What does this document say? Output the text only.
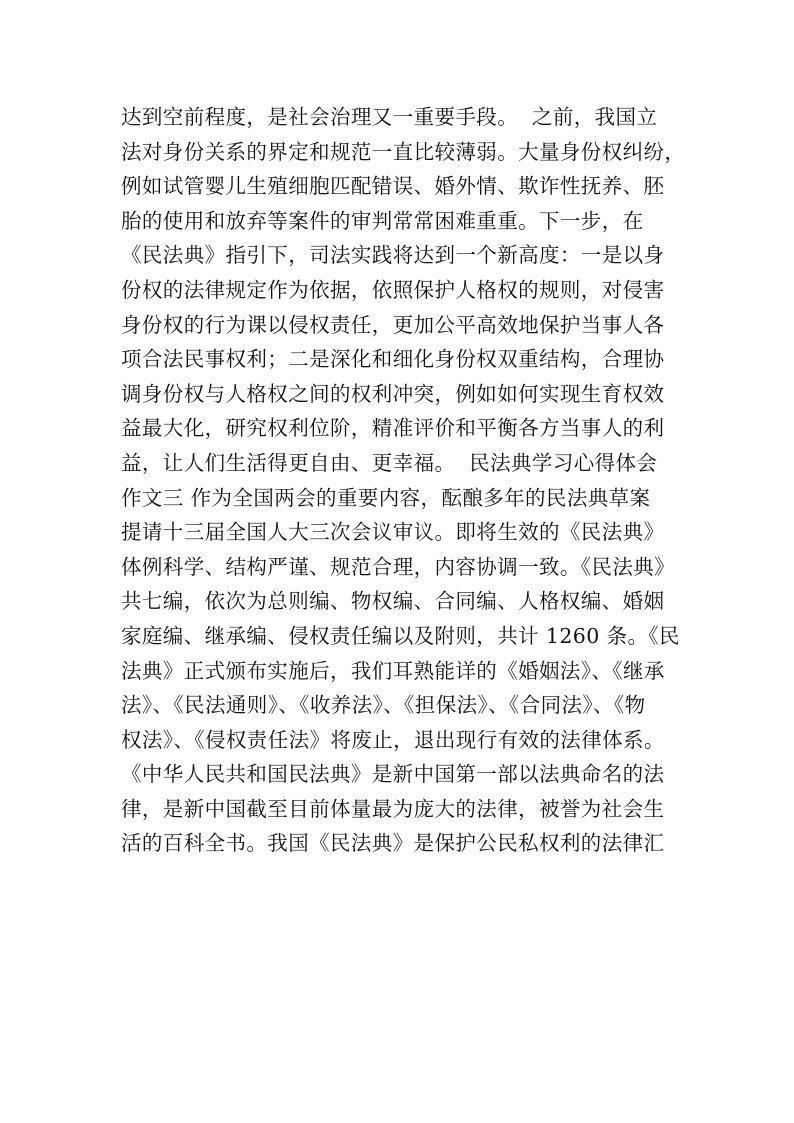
达到空前程度，是社会治理又一重要手段。  之前，我国立
法对身份关系的界定和规范一直比较薄弱。大量身份权纠纷，
例如试管婴儿生殖细胞匹配错误、婚外情、欺诈性抚养、胚
胎的使用和放弃等案件的审判常常困难重重。下一步，在
《民法典》指引下，司法实践将达到一个新高度：一是以身
份权的法律规定作为依据，依照保护人格权的规则，对侵害
身份权的行为课以侵权责任，更加公平高效地保护当事人各
项合法民事权利；二是深化和细化身份权双重结构，合理协
调身份权与人格权之间的权利冲突，例如如何实现生育权效
益最大化，研究权利位阶，精准评价和平衡各方当事人的利
益，让人们生活得更自由、更幸福。  民法典学习心得体会
作文三 作为全国两会的重要内容，酝酿多年的民法典草案
提请十三届全国人大三次会议审议。即将生效的《民法典》
体例科学、结构严谨、规范合理，内容协调一致。《民法典》
共七编，依次为总则编、物权编、合同编、人格权编、婚姻
家庭编、继承编、侵权责任编以及附则，共计 1260 条。《民
法典》正式颁布实施后，我们耳熟能详的《婚姻法》、《继承
法》、《民法通则》、《收养法》、《担保法》、《合同法》、《物
权法》、《侵权责任法》将废止，退出现行有效的法律体系。
《中华人民共和国民法典》是新中国第一部以法典命名的法
律，是新中国截至目前体量最为庞大的法律，被誉为社会生
活的百科全书。我国《民法典》是保护公民私权利的法律汇
